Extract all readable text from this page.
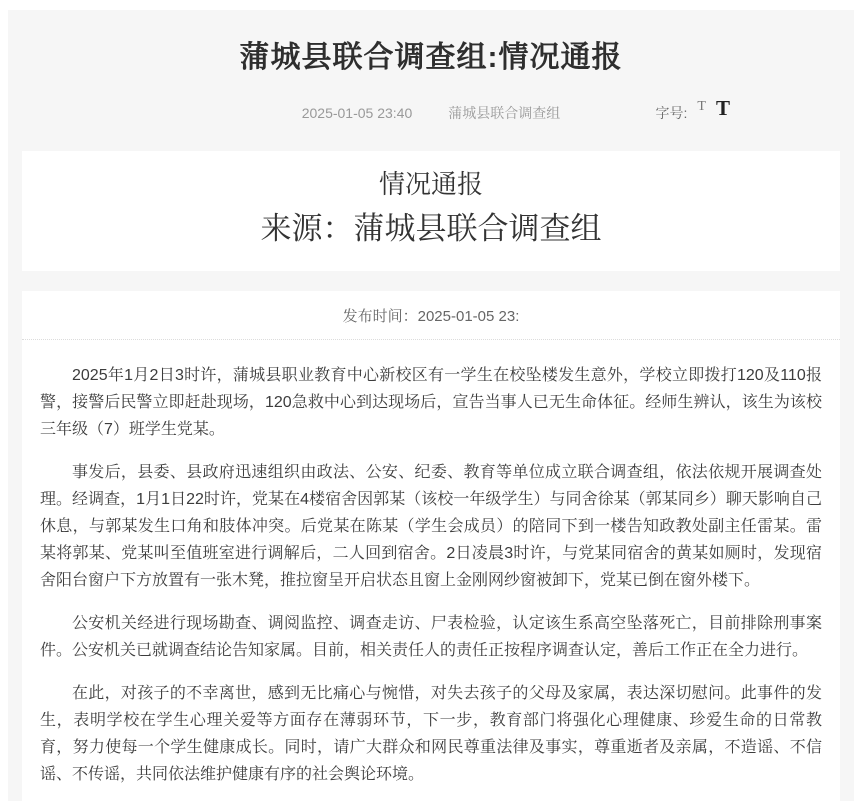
蒲城县联合调查组:情况通报
2025-01-05 23:40	蒲城县联合调查组	字号: T T
情况通报
来源：蒲城县联合调查组
发布时间：2025-01-05 23:

2025年1月2日3时许，蒲城县职业教育中心新校区有一学生在校坠楼发生意外，学校立即拨打120及110报警，接警后民警立即赶赴现场，120急救中心到达现场后，宣告当事人已无生命体征。经师生辨认，该生为该校三年级（7）班学生党某。

事发后，县委、县政府迅速组织由政法、公安、纪委、教育等单位成立联合调查组，依法依规开展调查处理。经调查，1月1日22时许，党某在4楼宿舍因郭某（该校一年级学生）与同舍徐某（郭某同乡）聊天影响自己休息，与郭某发生口角和肢体冲突。后党某在陈某（学生会成员）的陪同下到一楼告知政教处副主任雷某。雷某将郭某、党某叫至值班室进行调解后，二人回到宿舍。2日凌晨3时许，与党某同宿舍的黄某如厕时，发现宿舍阳台窗户下方放置有一张木凳，推拉窗呈开启状态且窗上金刚网纱窗被卸下，党某已倒在窗外楼下。

公安机关经进行现场勘查、调阅监控、调查走访、尸表检验，认定该生系高空坠落死亡，目前排除刑事案件。公安机关已就调查结论告知家属。目前，相关责任人的责任正按程序调查认定，善后工作正在全力进行。

在此，对孩子的不幸离世，感到无比痛心与惋惜，对失去孩子的父母及家属，表达深切慰问。此事件的发生，表明学校在学生心理关爱等方面存在薄弱环节，下一步，教育部门将强化心理健康、珍爱生命的日常教育，努力使每一个学生健康成长。同时，请广大群众和网民尊重法律及事实，尊重逝者及亲属，不造谣、不信谣、不传谣，共同依法维护健康有序的社会舆论环境。
